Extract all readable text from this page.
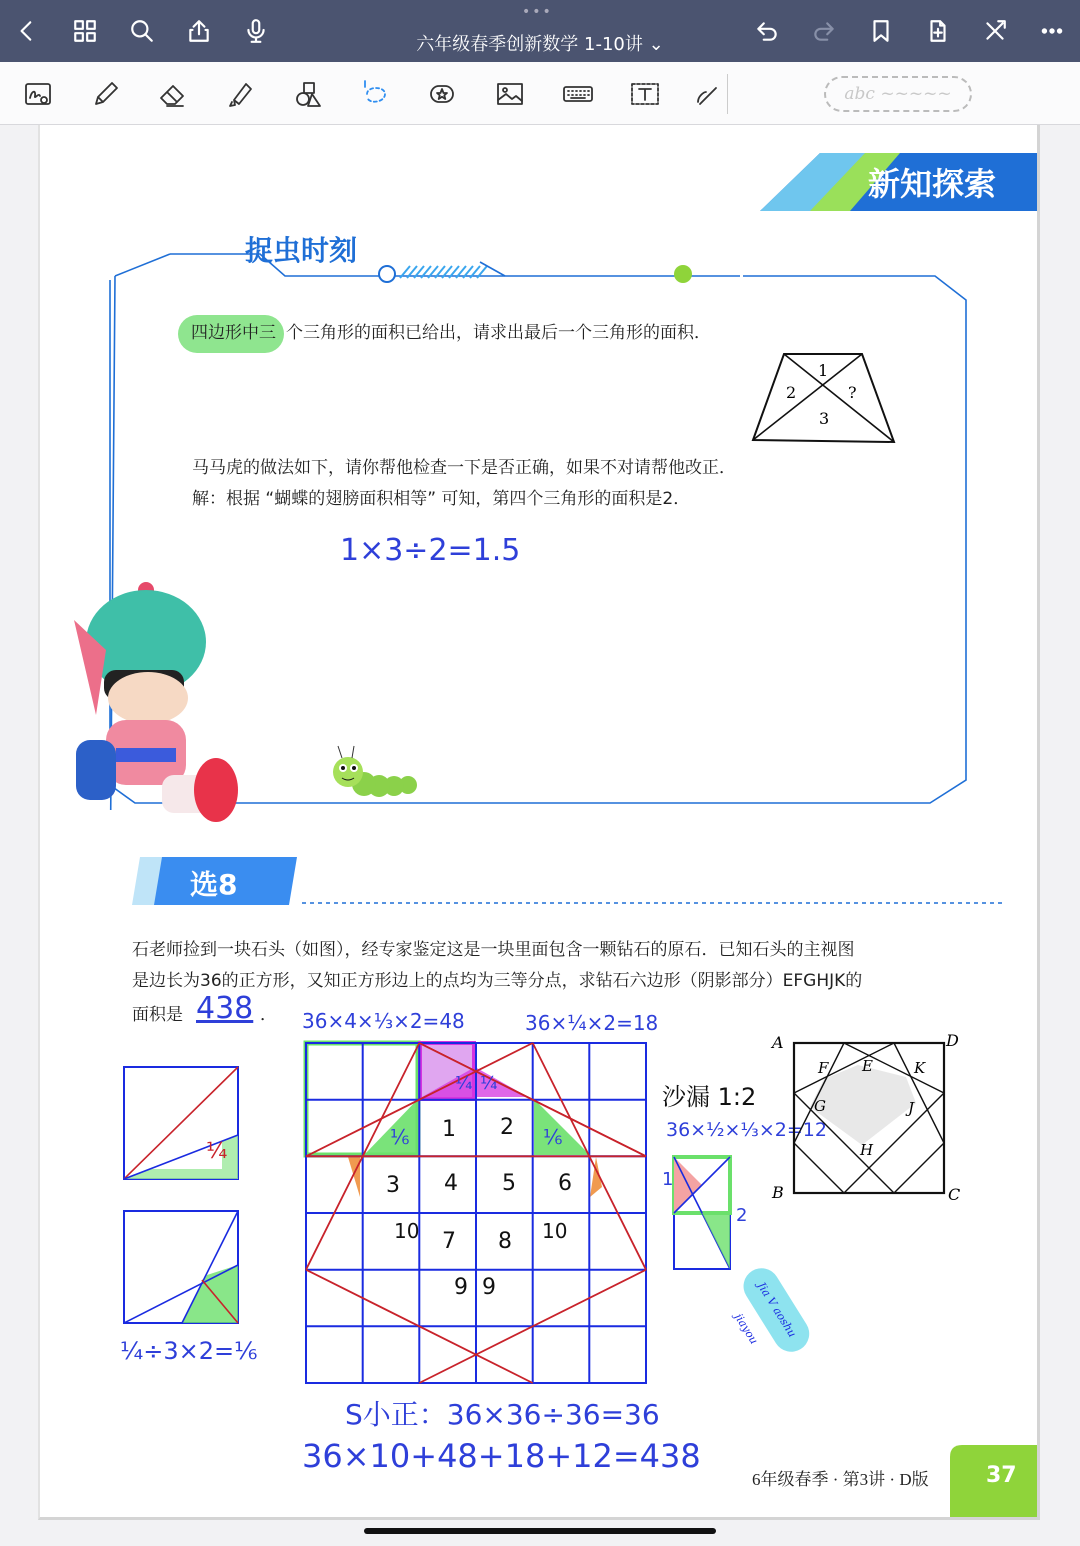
•••
六年级春季创新数学 1-10讲 ⌄
abc ~~~~~
新知探索
捉虫时刻
四边形中三 个三角形的面积已给出，请求出最后一个三角形的面积．
1
2	?
3
马马虎的做法如下，请你帮他检查一下是否正确，如果不对请帮他改正．
解：根据 “蝴蝶的翅膀面积相等” 可知，第四个三角形的面积是2．
1×3÷2=1.5
选8
石老师捡到一块石头（如图），经专家鉴定这是一块里面包含一颗钻石的原石．已知石头的主视图
是边长为36的正方形，又知正方形边上的点均为三等分点，求钻石六边形（阴影部分）EFGHJK的
面积是 438 ． 36×4×⅓×2=48	36×¼×2=18
¼
¼÷3×2=⅙
¼ ¼
⅙	⅙
1 2
3 4 5 6
10 7 8 10
9 9
沙漏 1:2
36×½×⅓×2=12
1
2
Jia V aoshu jiayou
A	D
B	C
E
F
G
H
J
K
S小正：36×36÷36=36
36×10+48+18+12=438
6年级春季 · 第3讲 · D版	37
